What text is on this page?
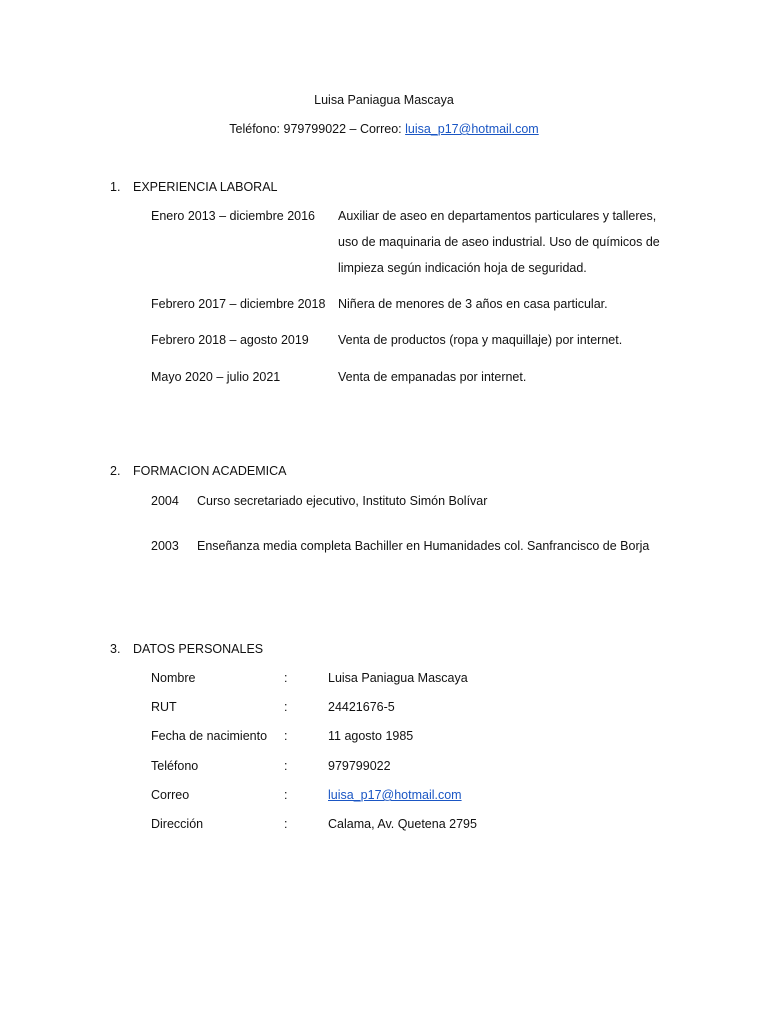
Luisa Paniagua Mascaya
Teléfono: 979799022 – Correo: luisa_p17@hotmail.com
1. EXPERIENCIA LABORAL
Enero 2013 – diciembre 2016 Auxiliar de aseo en departamentos particulares y talleres,
uso de maquinaria de aseo industrial. Uso de químicos de
limpieza según indicación hoja de seguridad.
Febrero 2017 – diciembre 2018 Niñera de menores de 3 años en casa particular.
Febrero 2018 – agosto 2019 Venta de productos (ropa y maquillaje) por internet.
Mayo 2020 – julio 2021	Venta de empanadas por internet.
2. FORMACION ACADEMICA
2004 Curso secretariado ejecutivo, Instituto Simón Bolívar
2003 Enseñanza media completa Bachiller en Humanidades col. Sanfrancisco de Borja
3. DATOS PERSONALES
Nombre	:	Luisa Paniagua Mascaya
RUT	:	24421676-5
Fecha de nacimiento :	11 agosto 1985
Teléfono	:	979799022
Correo	:	luisa_p17@hotmail.com
Dirección	:	Calama, Av. Quetena 2795
